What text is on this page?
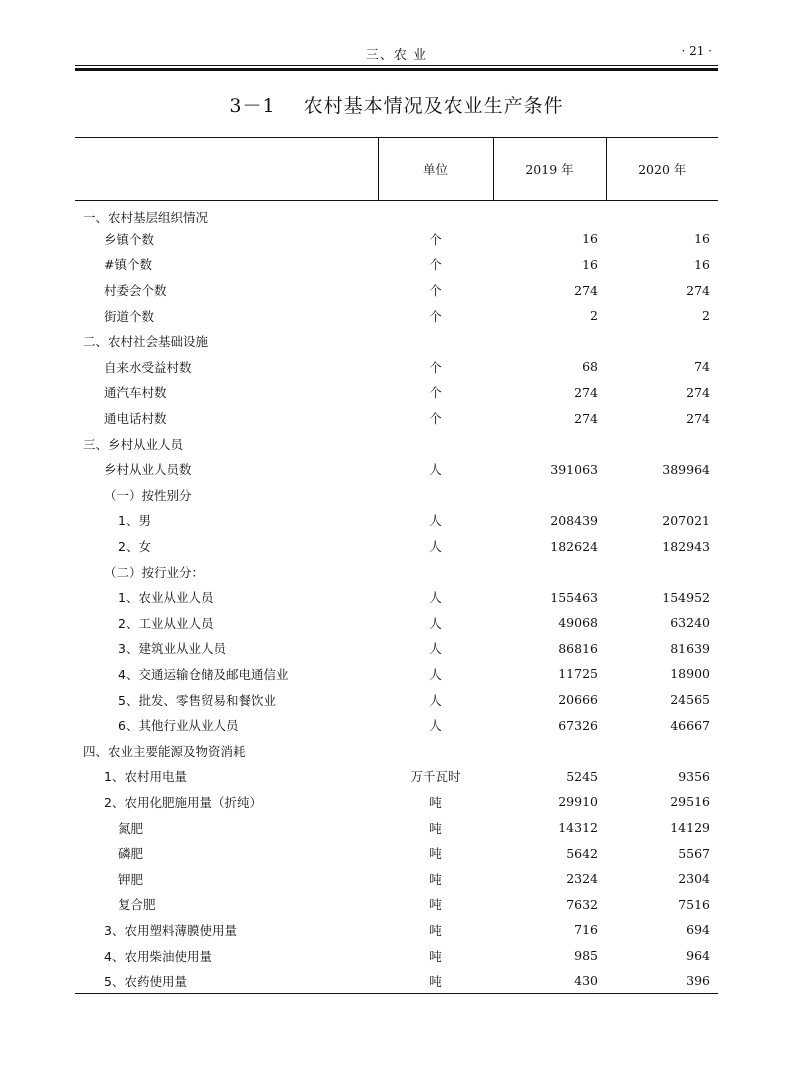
三、农 业	· 21 ·
3－1 农村基本情况及农业生产条件
	单位	2019 年	2020 年
一、农村基层组织情况			
乡镇个数	个	16	16
#镇个数	个	16	16
村委会个数	个	274	274
街道个数	个	2	2
二、农村社会基础设施			
自来水受益村数	个	68	74
通汽车村数	个	274	274
通电话村数	个	274	274
三、乡村从业人员			
乡村从业人员数	人	391063	389964
（一）按性别分			
1、男	人	208439	207021
2、女	人	182624	182943
（二）按行业分：			
1、农业从业人员	人	155463	154952
2、工业从业人员	人	49068	63240
3、建筑业从业人员	人	86816	81639
4、交通运输仓储及邮电通信业	人	11725	18900
5、批发、零售贸易和餐饮业	人	20666	24565
6、其他行业从业人员	人	67326	46667
四、农业主要能源及物资消耗			
1、农村用电量	万千瓦时	5245	9356
2、农用化肥施用量（折纯）	吨	29910	29516
氮肥	吨	14312	14129
磷肥	吨	5642	5567
钾肥	吨	2324	2304
复合肥	吨	7632	7516
3、农用塑料薄膜使用量	吨	716	694
4、农用柴油使用量	吨	985	964
5、农药使用量	吨	430	396
